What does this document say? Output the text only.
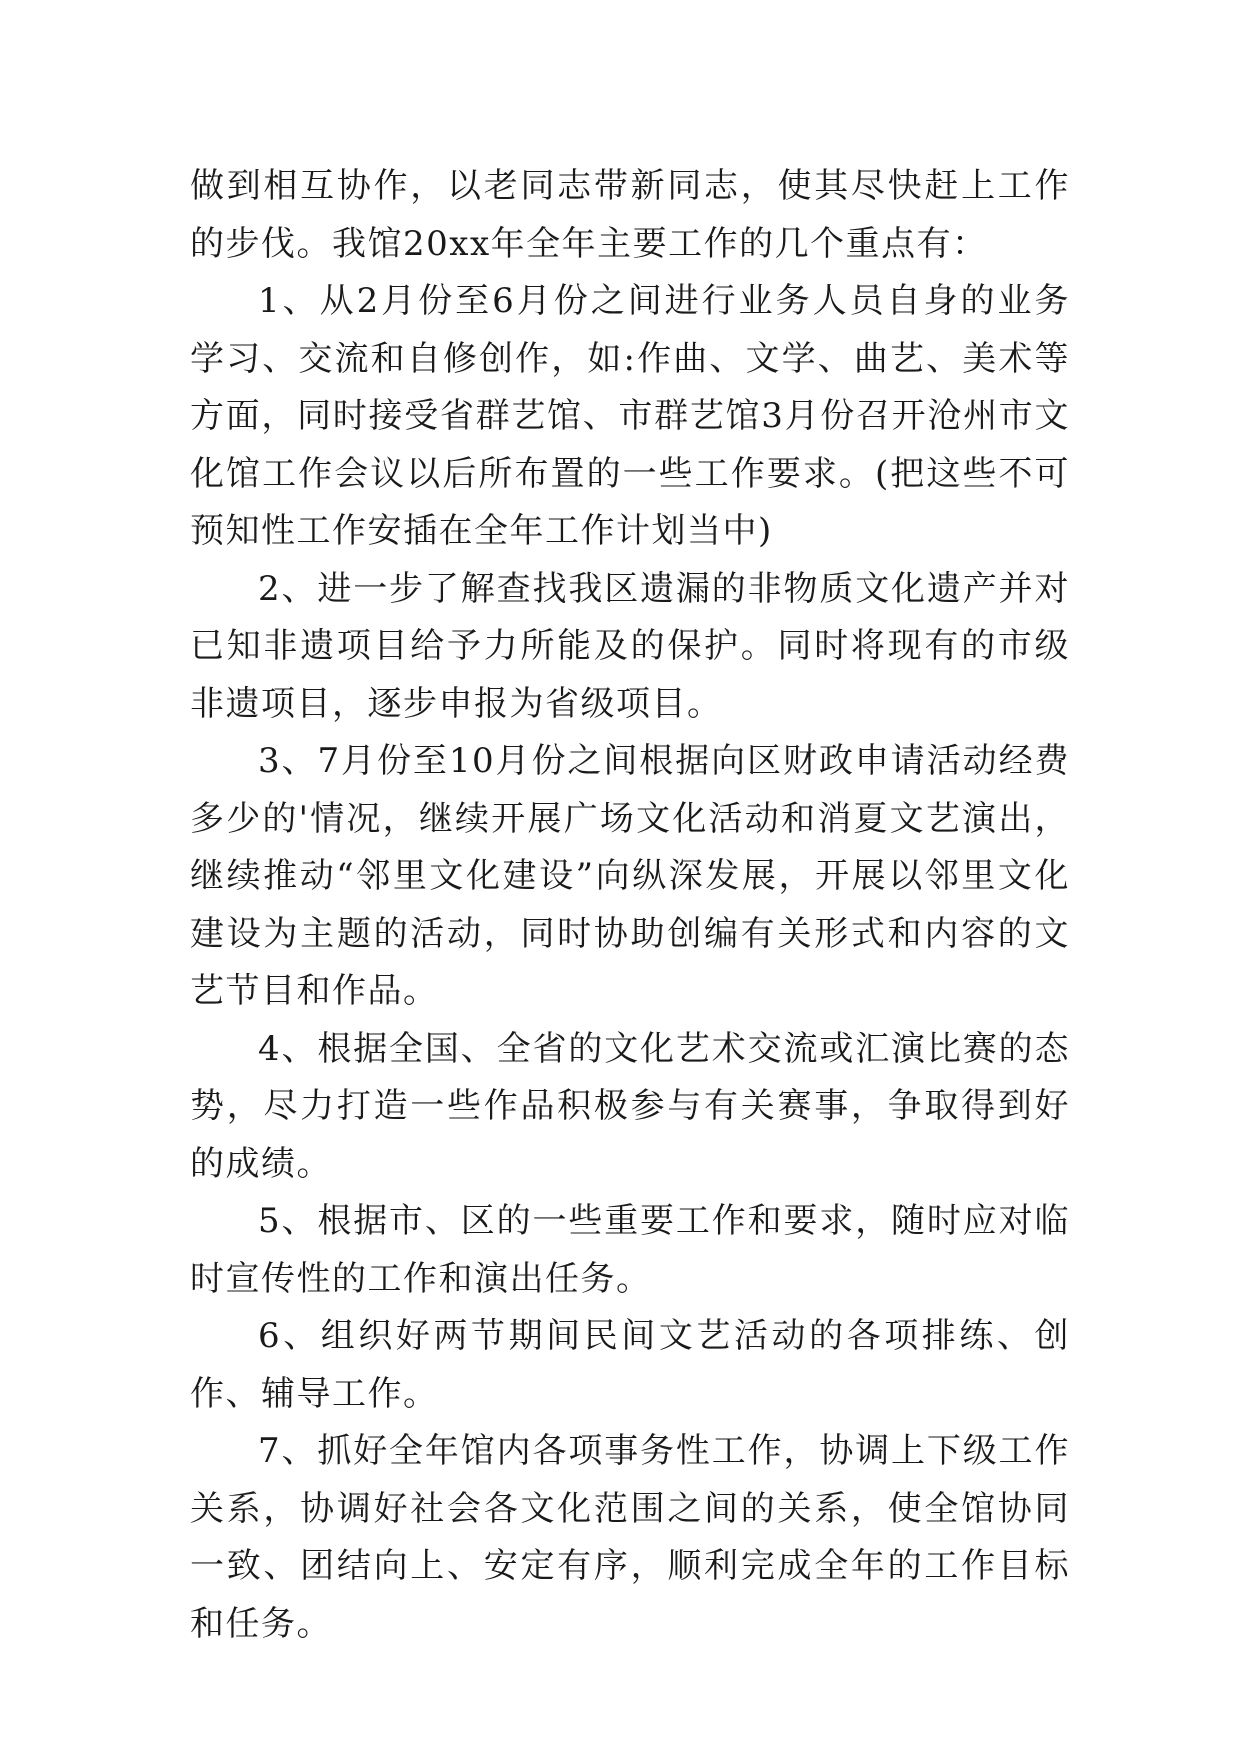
做到相互协作，以老同志带新同志，使其尽快赶上工作的步伐。我馆20xx年全年主要工作的几个重点有：

1、从2月份至6月份之间进行业务人员自身的业务学习、交流和自修创作，如:作曲、文学、曲艺、美术等方面，同时接受省群艺馆、市群艺馆3月份召开沧州市文化馆工作会议以后所布置的一些工作要求。(把这些不可预知性工作安插在全年工作计划当中)

2、进一步了解查找我区遗漏的非物质文化遗产并对已知非遗项目给予力所能及的保护。同时将现有的市级非遗项目，逐步申报为省级项目。

3、7月份至10月份之间根据向区财政申请活动经费多少的'情况，继续开展广场文化活动和消夏文艺演出，继续推动“邻里文化建设”向纵深发展，开展以邻里文化建设为主题的活动，同时协助创编有关形式和内容的文艺节目和作品。

4、根据全国、全省的文化艺术交流或汇演比赛的态势，尽力打造一些作品积极参与有关赛事，争取得到好的成绩。

5、根据市、区的一些重要工作和要求，随时应对临时宣传性的工作和演出任务。

6、组织好两节期间民间文艺活动的各项排练、创作、辅导工作。

7、抓好全年馆内各项事务性工作，协调上下级工作关系，协调好社会各文化范围之间的关系，使全馆协同一致、团结向上、安定有序，顺利完成全年的工作目标和任务。
